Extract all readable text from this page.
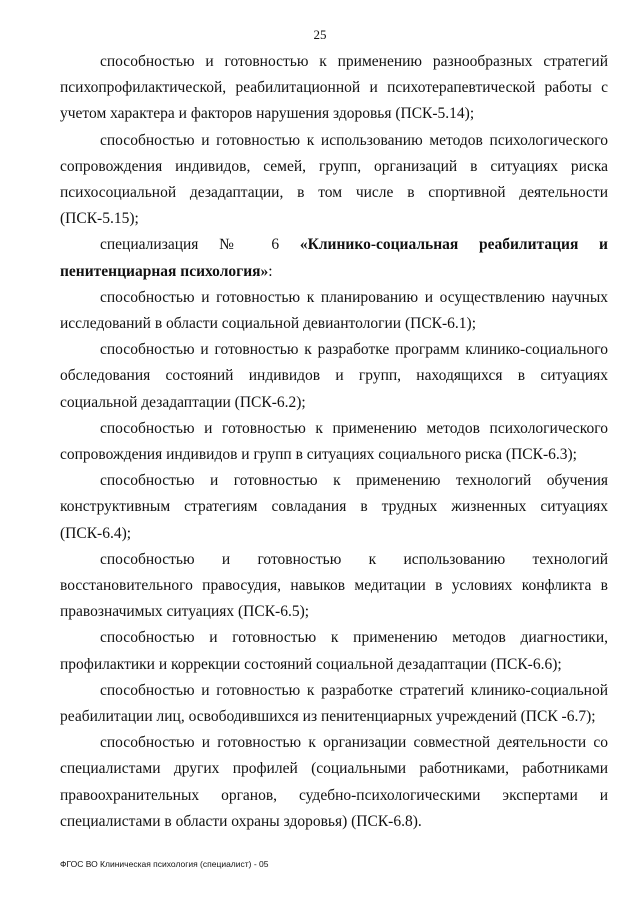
25

способностью и готовностью к применению разнообразных стратегий психопрофилактической, реабилитационной и психотерапевтической работы с учетом характера и факторов нарушения здоровья (ПСК-5.14);

способностью и готовностью к использованию методов психологического сопровождения индивидов, семей, групп, организаций в ситуациях риска психосоциальной дезадаптации, в том числе в спортивной деятельности (ПСК-5.15);

специализация № 6 «Клинико-социальная реабилитация и пенитенциарная психология»:

способностью и готовностью к планированию и осуществлению научных исследований в области социальной девиантологии (ПСК-6.1);

способностью и готовностью к разработке программ клинико-социального обследования состояний индивидов и групп, находящихся в ситуациях социальной дезадаптации (ПСК-6.2);

способностью и готовностью к применению методов психологического сопровождения индивидов и групп в ситуациях социального риска (ПСК-6.3);

способностью и готовностью к применению технологий обучения конструктивным стратегиям совладания в трудных жизненных ситуациях (ПСК-6.4);

способностью и готовностью к использованию технологий восстановительного правосудия, навыков медитации в условиях конфликта в правозначимых ситуациях (ПСК-6.5);

способностью и готовностью к применению методов диагностики, профилактики и коррекции состояний социальной дезадаптации (ПСК-6.6);

способностью и готовностью к разработке стратегий клинико-социальной реабилитации лиц, освободившихся из пенитенциарных учреждений (ПСК -6.7);

способностью и готовностью к организации совместной деятельности со специалистами других профилей (социальными работниками, работниками правоохранительных органов, судебно-психологическими экспертами и специалистами в области охраны здоровья) (ПСК-6.8).

ФГОС ВО Клиническая психология (специалист) - 05
